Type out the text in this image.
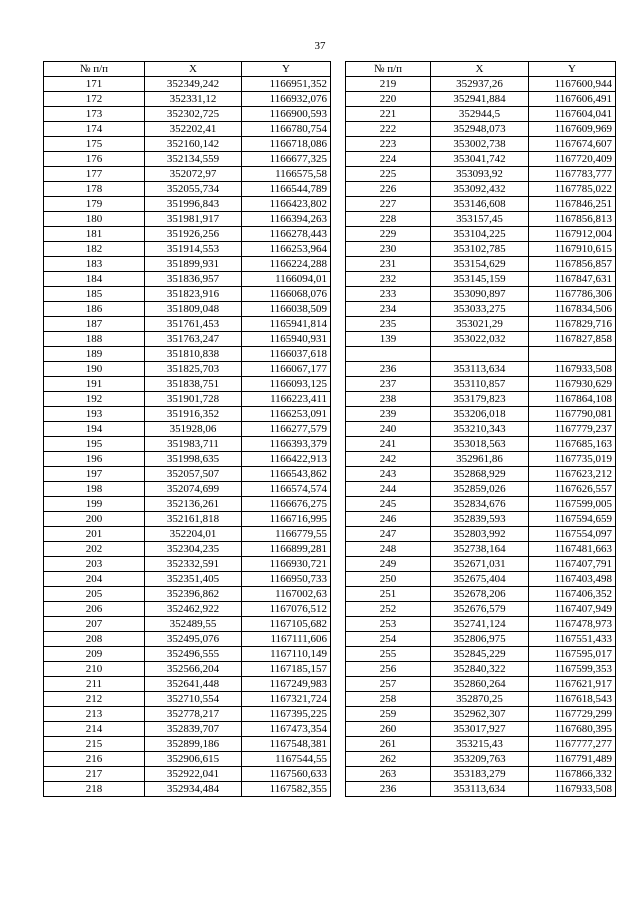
37
№ п/п	X	Y
171	352349,242	1166951,352
172	352331,12	1166932,076
173	352302,725	1166900,593
174	352202,41	1166780,754
175	352160,142	1166718,086
176	352134,559	1166677,325
177	352072,97	1166575,58
178	352055,734	1166544,789
179	351996,843	1166423,802
180	351981,917	1166394,263
181	351926,256	1166278,443
182	351914,553	1166253,964
183	351899,931	1166224,288
184	351836,957	1166094,01
185	351823,916	1166068,076
186	351809,048	1166038,509
187	351761,453	1165941,814
188	351763,247	1165940,931
189	351810,838	1166037,618
190	351825,703	1166067,177
191	351838,751	1166093,125
192	351901,728	1166223,411
193	351916,352	1166253,091
194	351928,06	1166277,579
195	351983,711	1166393,379
196	351998,635	1166422,913
197	352057,507	1166543,862
198	352074,699	1166574,574
199	352136,261	1166676,275
200	352161,818	1166716,995
201	352204,01	1166779,55
202	352304,235	1166899,281
203	352332,591	1166930,721
204	352351,405	1166950,733
205	352396,862	1167002,63
206	352462,922	1167076,512
207	352489,55	1167105,682
208	352495,076	1167111,606
209	352496,555	1167110,149
210	352566,204	1167185,157
211	352641,448	1167249,983
212	352710,554	1167321,724
213	352778,217	1167395,225
214	352839,707	1167473,354
215	352899,186	1167548,381
216	352906,615	1167544,55
217	352922,041	1167560,633
218	352934,484	1167582,355
№ п/п	X	Y
219	352937,26	1167600,944
220	352941,884	1167606,491
221	352944,5	1167604,041
222	352948,073	1167609,969
223	353002,738	1167674,607
224	353041,742	1167720,409
225	353093,92	1167783,777
226	353092,432	1167785,022
227	353146,608	1167846,251
228	353157,45	1167856,813
229	353104,225	1167912,004
230	353102,785	1167910,615
231	353154,629	1167856,857
232	353145,159	1167847,631
233	353090,897	1167786,306
234	353033,275	1167834,506
235	353021,29	1167829,716
139	353022,032	1167827,858

236	353113,634	1167933,508
237	353110,857	1167930,629
238	353179,823	1167864,108
239	353206,018	1167790,081
240	353210,343	1167779,237
241	353018,563	1167685,163
242	352961,86	1167735,019
243	352868,929	1167623,212
244	352859,026	1167626,557
245	352834,676	1167599,005
246	352839,593	1167594,659
247	352803,992	1167554,097
248	352738,164	1167481,663
249	352671,031	1167407,791
250	352675,404	1167403,498
251	352678,206	1167406,352
252	352676,579	1167407,949
253	352741,124	1167478,973
254	352806,975	1167551,433
255	352845,229	1167595,017
256	352840,322	1167599,353
257	352860,264	1167621,917
258	352870,25	1167618,543
259	352962,307	1167729,299
260	353017,927	1167680,395
261	353215,43	1167777,277
262	353209,763	1167791,489
263	353183,279	1167866,332
236	353113,634	1167933,508
